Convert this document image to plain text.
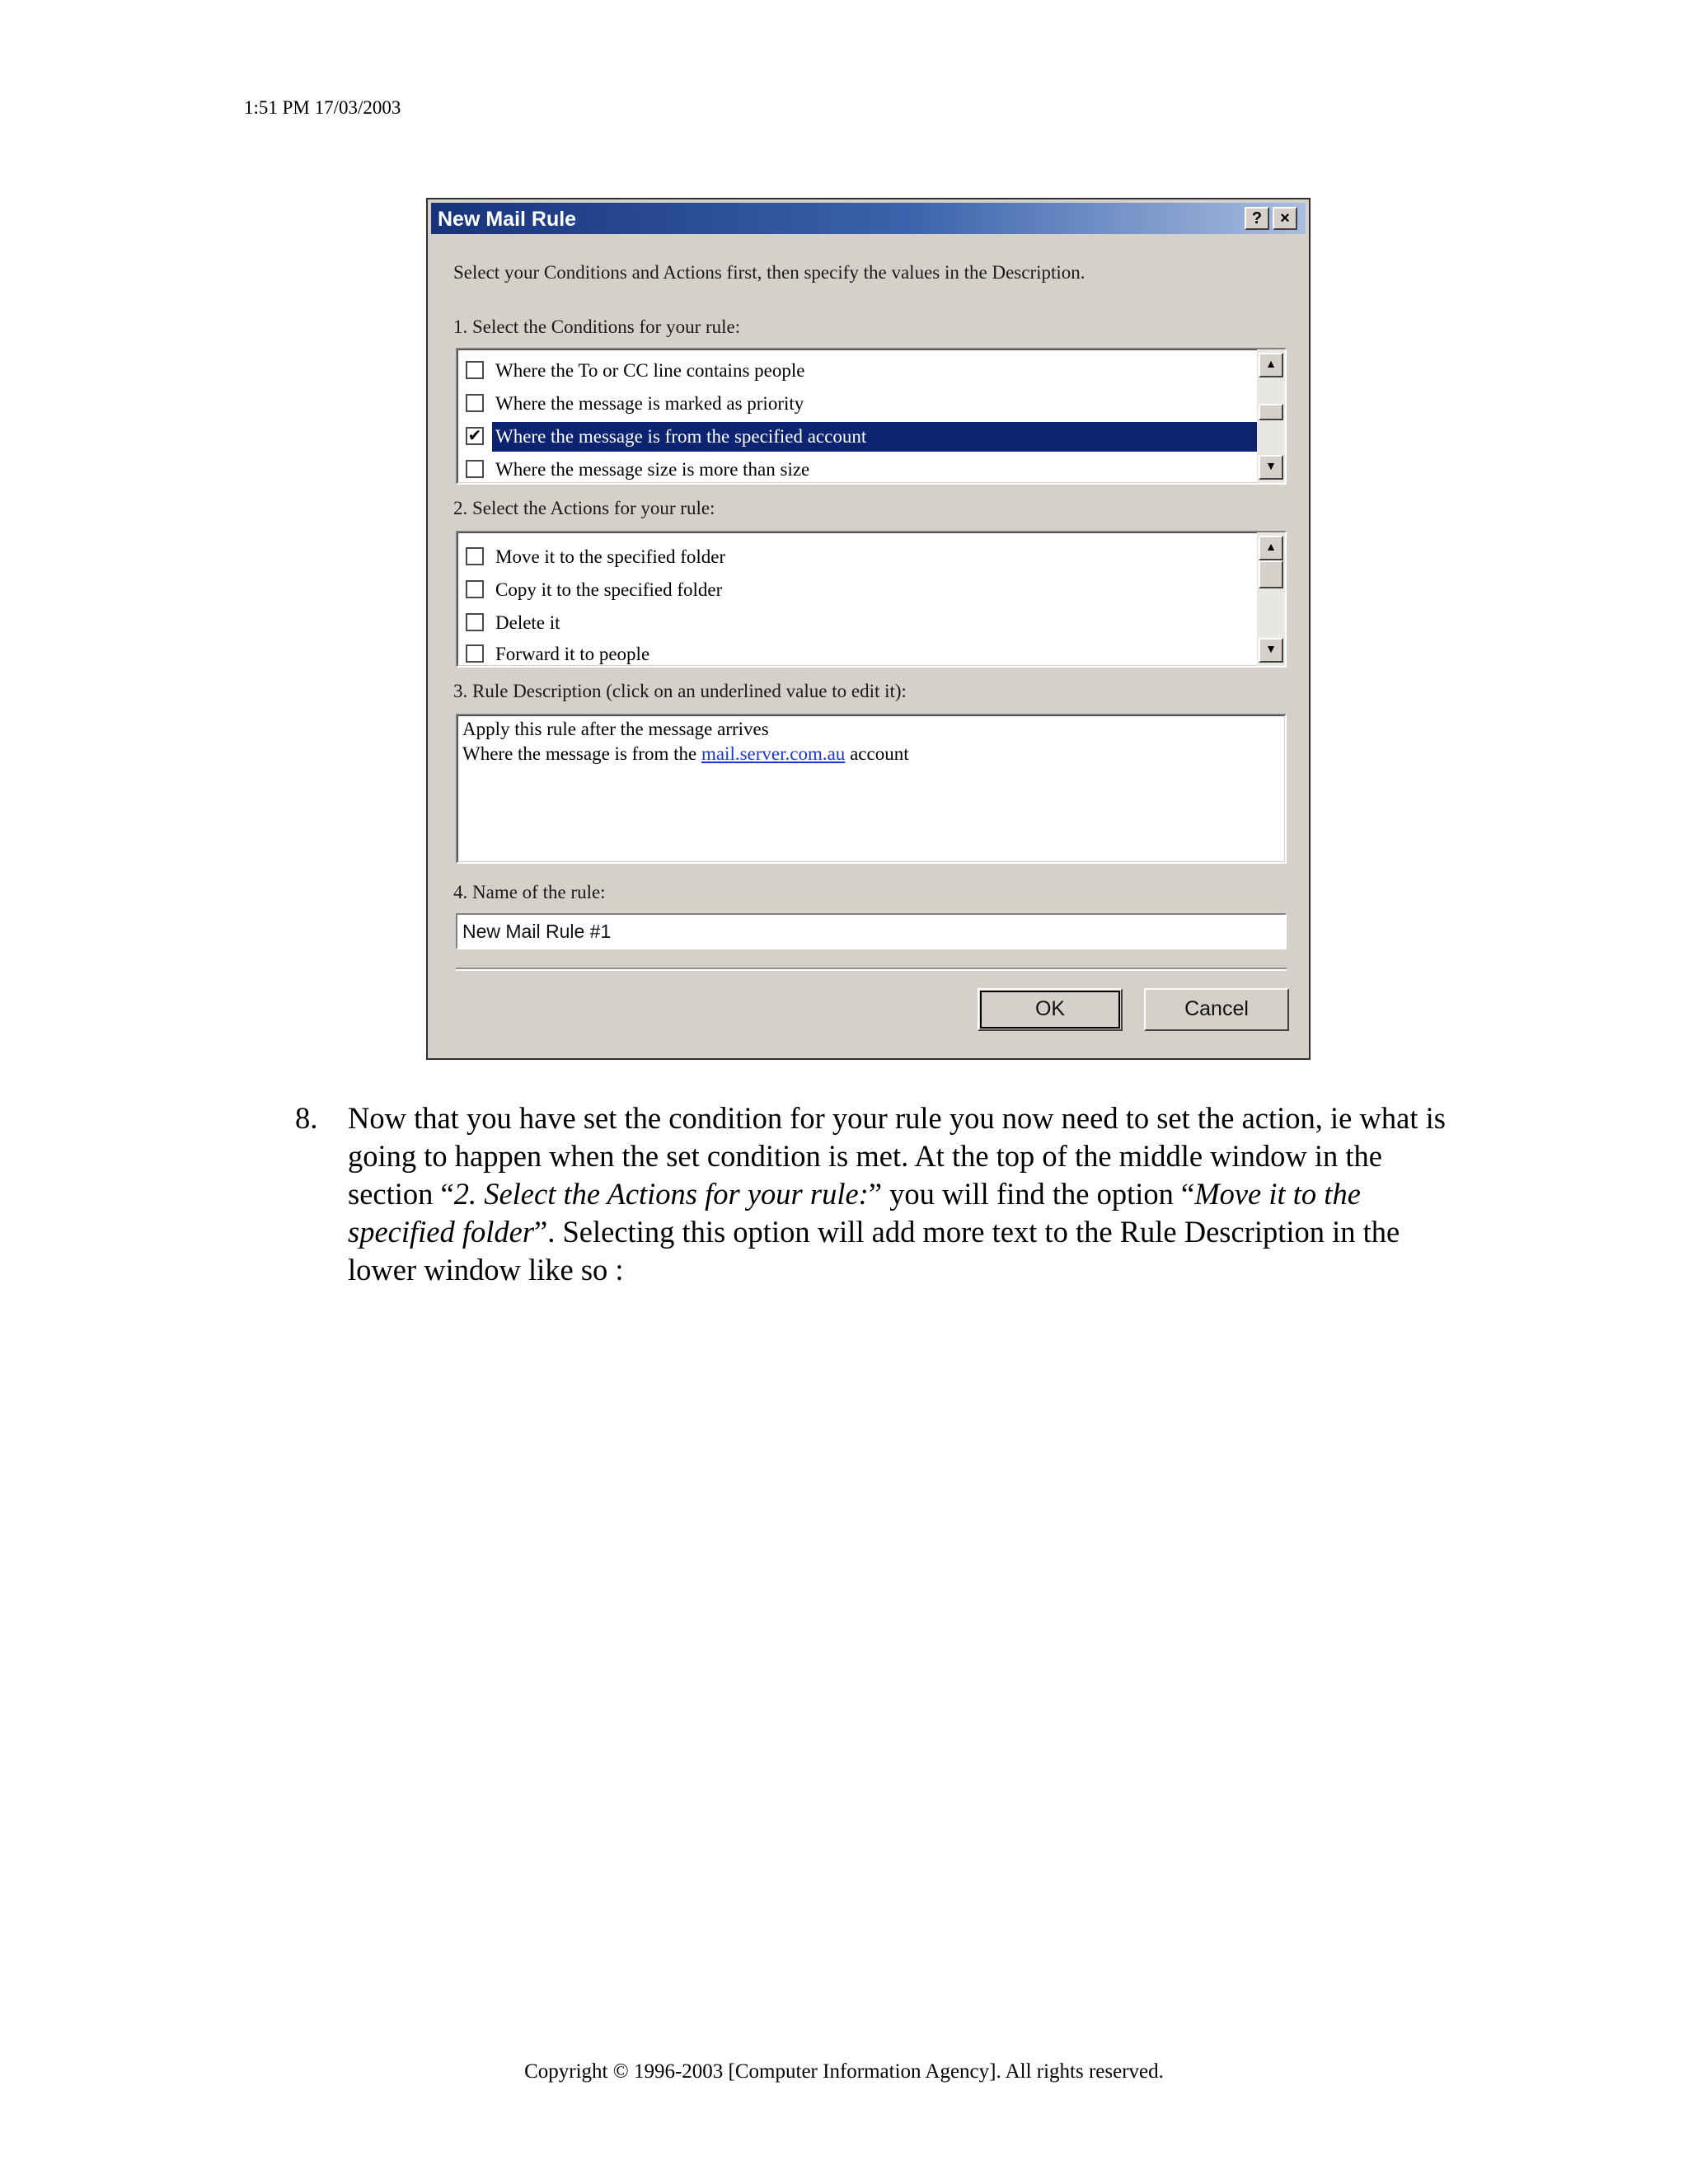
1:51 PM 17/03/2003
New Mail Rule	?	×
Select your Conditions and Actions first, then specify the values in the Description.
1. Select the Conditions for your rule:
Where the To or CC line contains people
Where the message is marked as priority
✔ Where the message is from the specified account
Where the message size is more than size
▲
▼
2. Select the Actions for your rule:
Move it to the specified folder
Copy it to the specified folder
Delete it
Forward it to people
▲
▼
3. Rule Description (click on an underlined value to edit it):
Apply this rule after the message arrives
Where the message is from the mail.server.com.au account
4. Name of the rule:
New Mail Rule #1
OK	Cancel
8. Now that you have set the condition for your rule you now need to set the action, ie what is going to happen when the set condition is met. At the top of the middle window in the section “2. Select the Actions for your rule:” you will find the option “Move it to the specified folder”. Selecting this option will add more text to the Rule Description in the lower window like so :
Copyright © 1996-2003 [Computer Information Agency]. All rights reserved.
